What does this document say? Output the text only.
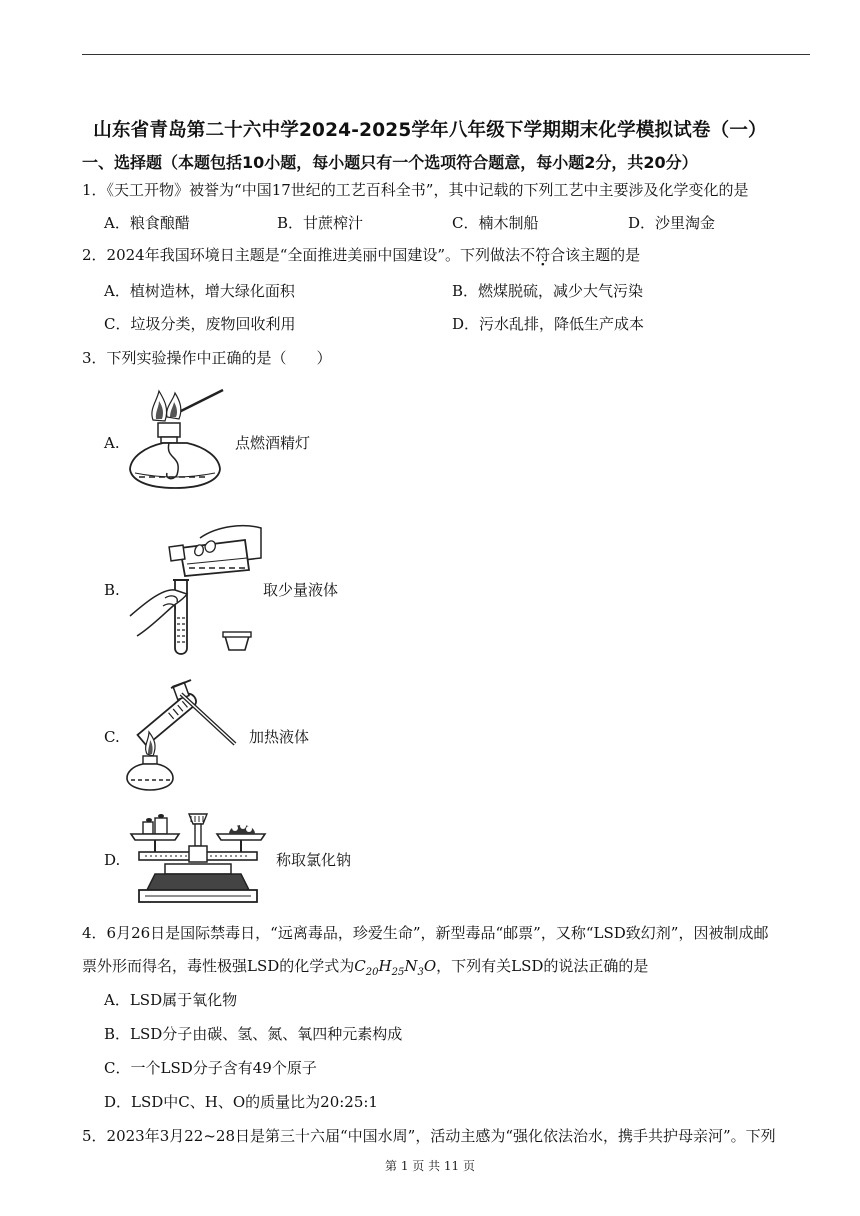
山东省青岛第二十六中学2024-2025学年八年级下学期期末化学模拟试卷（一）
一、选择题（本题包括10小题，每小题只有一个选项符合题意，每小题2分，共20分）
1．《天工开物》被誉为“中国17世纪的工艺百科全书”，其中记载的下列工艺中主要涉及化学变化的是
A．粮食酿醋	B．甘蔗榨汁	C．楠木制船	D．沙里淘金
2．2024年我国环境日主题是“全面推进美丽中国建设”。下列做法不符合该主题的是
A．植树造林，增大绿化面积	B．燃煤脱硫，减少大气污染
C．垃圾分类，废物回收利用	D．污水乱排，降低生产成本
3．下列实验操作中正确的是（　　）
A.	点燃酒精灯
B.	取少量液体
C.	加热液体
D.	称取氯化钠
4．6月26日是国际禁毒日，“远离毒品，珍爱生命”，新型毒品“邮票”，又称“LSD致幻剂”，因被制成邮
票外形而得名，毒性极强LSD的化学式为$C_{20}H_{25}N_3O$，下列有关LSD的说法正确的是
A．LSD属于氧化物
B．LSD分子由碳、氢、氮、氧四种元素构成
C．一个LSD分子含有49个原子
D．LSD中C、H、O的质量比为20:25:1
5．2023年3月22~28日是第三十六届“中国水周”，活动主感为“强化依法治水，携手共护母亲河”。下列
第 1 页 共 11 页
